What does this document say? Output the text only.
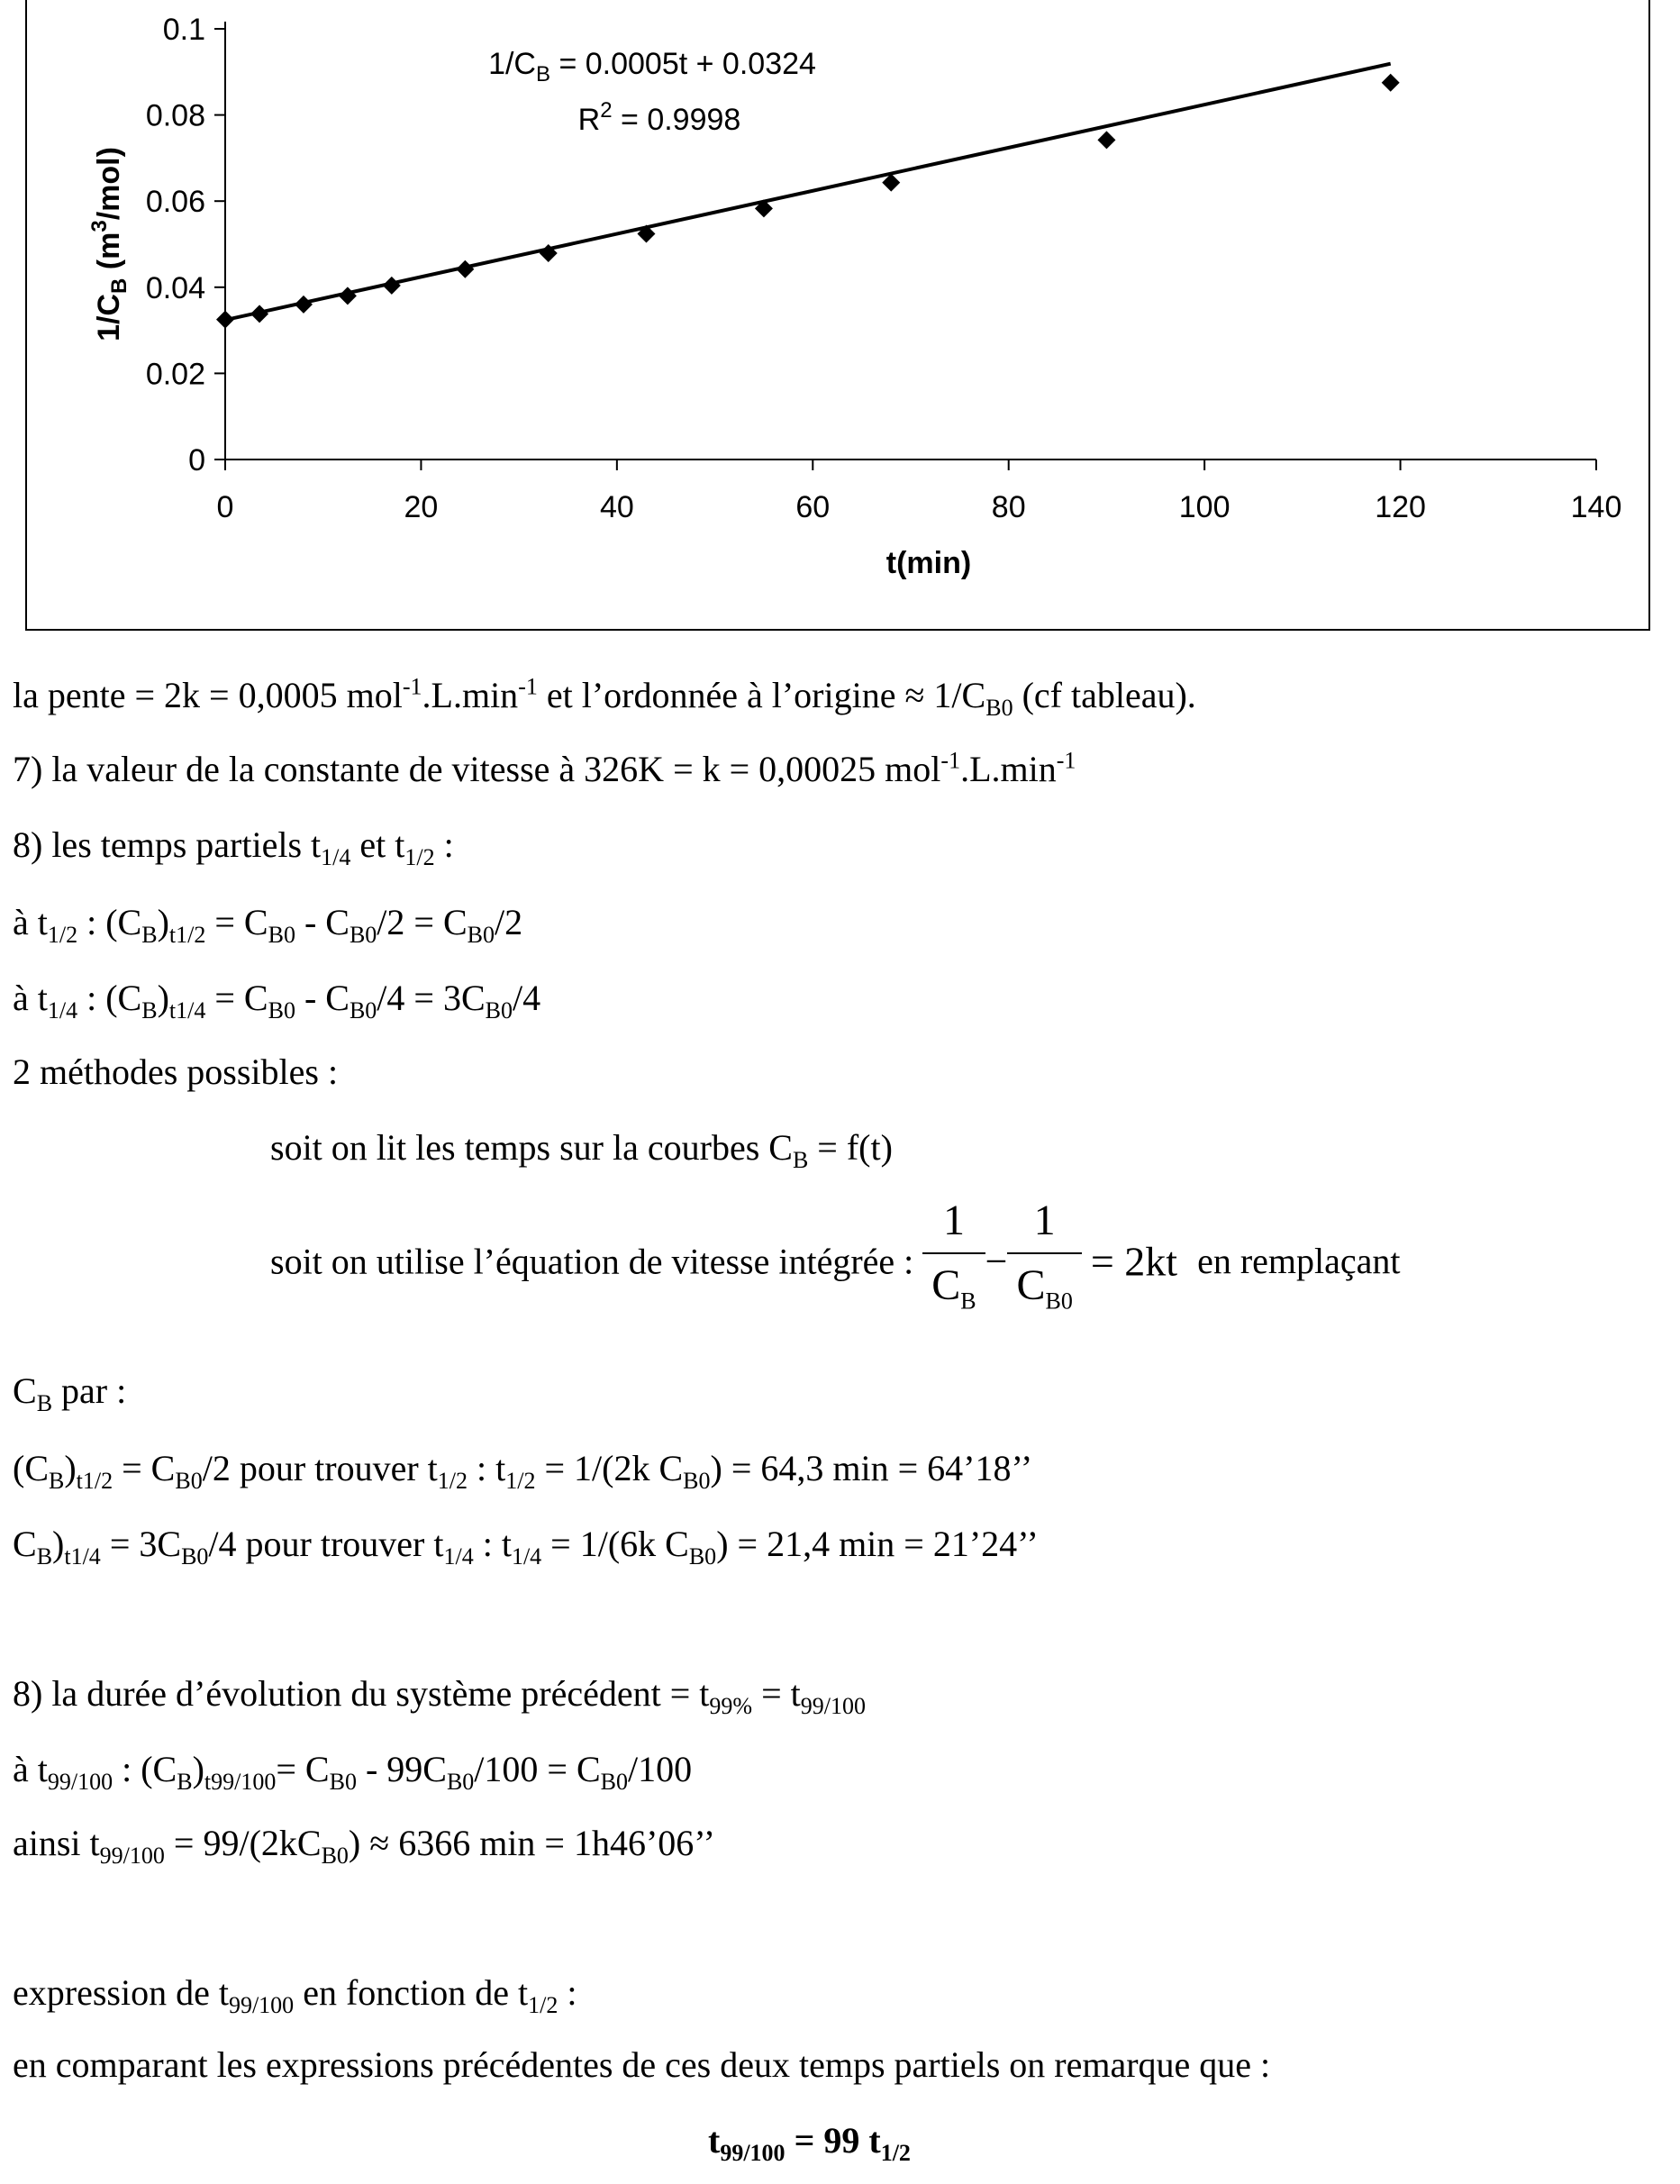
0
0.02
0.04
0.06
0.08
0.1
0	20	40	60	80	100	120	140
t(min)
$1/C_B$ $(m^3/mol)$
$1/C_B = 0.0005t + 0.0324$
$R^2 = 0.9998$
la pente = 2k = 0,0005 $mol^{-1}.L.\min^{-1}$ et l’ordonnée à l’origine ≈ $1/C_{B0}$ (cf tableau).
7) la valeur de la constante de vitesse à 326K = k = 0,00025 $mol^{-1}.L.\min^{-1}$
8) les temps partiels $t_{1/4}$ et $t_{1/2}$ :
à $t_{1/2}$ : $(C_B)_{t1/2} = C_{B0} - C_{B0}/2 = C_{B0}/2$
à $t_{1/4}$ : $(C_B)_{t1/4} = C_{B0} - C_{B0}/4 = 3C_{B0}/4$
2 méthodes possibles :
soit on lit les temps sur la courbes $C_B = f(t)$
soit on utilise l’équation de vitesse intégrée : $\frac{1}{C_B} - \frac{1}{C_{B0}} = 2kt$ en remplaçant
$C_B$ par :
$(C_B)_{t1/2} = C_{B0}/2$ pour trouver $t_{1/2}$ : $t_{1/2} = 1/(2k$ $C_{B0}) = 64,3$ min = 64’18’’
$C_B)_{t1/4} = 3C_{B0}/4$ pour trouver $t_{1/4}$ : $t_{1/4} = 1/(6k$ $C_{B0}) = 21,4$ min = 21’24’’
8) la durée d’évolution du système précédent = $t_{99\%} = t_{99/100}$
à $t_{99/100}$ : $(C_B)_{t99/100}= C_{B0} - 99C_{B0}/100 = C_{B0}/100$
ainsi $t_{99/100} = 99/(2kC_{B0}) \approx 6366$ min = 1h46’06’’
expression de $t_{99/100}$ en fonction de $t_{1/2}$ :
en comparant les expressions précédentes de ces deux temps partiels on remarque que :
$t_{99/100} = 99$ $t_{1/2}$
